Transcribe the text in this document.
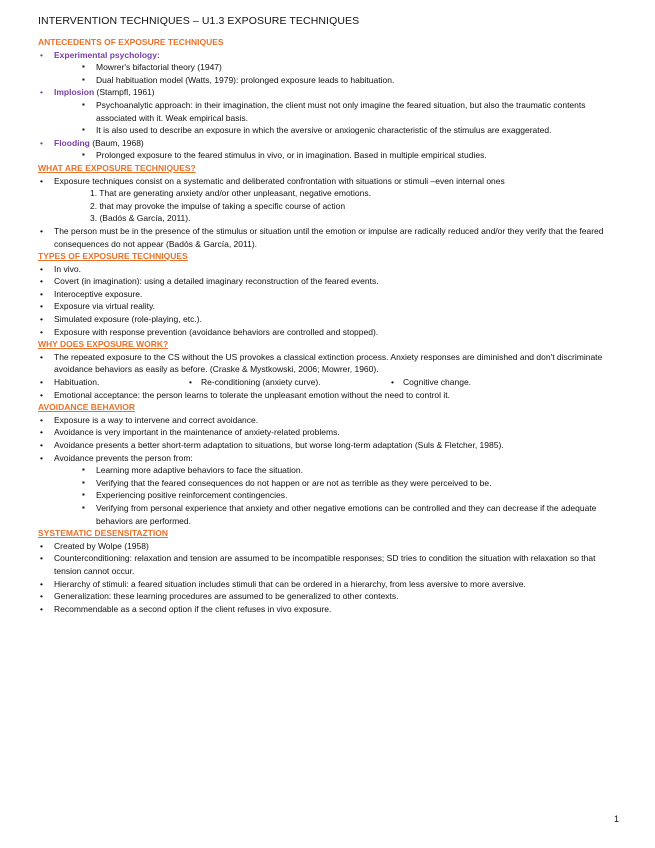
INTERVENTION TECHNIQUES – U1.3 EXPOSURE TECHNIQUES
ANTECEDENTS OF EXPOSURE TECHNIQUES
• Experimental psychology:
▪ Mowrer's bifactorial theory (1947)
▪ Dual habituation model (Watts, 1979): prolonged exposure leads to habituation.
• Implosion (Stampfl, 1961)
▪ Psychoanalytic approach: in their imagination, the client must not only imagine the feared situation, but also the traumatic contents associated with it. Weak empirical basis.
▪ It is also used to describe an exposure in which the aversive or anxiogenic characteristic of the stimulus are exaggerated.
• Flooding (Baum, 1968)
▪ Prolonged exposure to the feared stimulus in vivo, or in imagination. Based in multiple empirical studies.
WHAT ARE EXPOSURE TECHNIQUES?
• Exposure techniques consist on a systematic and deliberated confrontation with situations or stimuli –even internal ones
1. That are generating anxiety and/or other unpleasant, negative emotions.
2. that may provoke the impulse of taking a specific course of action
3. (Badós & García, 2011).
• The person must be in the presence of the stimulus or situation until the emotion or impulse are radically reduced and/or they verify that the feared consequences do not appear (Badós & García, 2011).
TYPES OF EXPOSURE TECHNIQUES
• In vivo.
• Covert (in imagination): using a detailed imaginary reconstruction of the feared events.
• Interoceptive exposure.
• Exposure via virtual reality.
• Simulated exposure (role-playing, etc.).
• Exposure with response prevention (avoidance behaviors are controlled and stopped).
WHY DOES EXPOSURE WORK?
• The repeated exposure to the CS without the US provokes a classical extinction process. Anxiety responses are diminished and don't discriminate avoidance behaviors as easily as before. (Craske & Mystkowski, 2006; Mowrer, 1960).
• Habituation.	• Re-conditioning (anxiety curve).	• Cognitive change.
• Emotional acceptance: the person learns to tolerate the unpleasant emotion without the need to control it.
AVOIDANCE BEHAVIOR
• Exposure is a way to intervene and correct avoidance.
• Avoidance is very important in the maintenance of anxiety-related problems.
• Avoidance presents a better short-term adaptation to situations, but worse long-term adaptation (Suls & Fletcher, 1985).
• Avoidance prevents the person from:
▪ Learning more adaptive behaviors to face the situation.
▪ Verifying that the feared consequences do not happen or are not as terrible as they were perceived to be.
▪ Experiencing positive reinforcement contingencies.
▪ Verifying from personal experience that anxiety and other negative emotions can be controlled and they can decrease if the adequate behaviors are performed.
SYSTEMATIC DESENSITAZTION
• Created by Wolpe (1958)
• Counterconditioning: relaxation and tension are assumed to be incompatible responses; SD tries to condition the situation with relaxation so that tension cannot occur.
• Hierarchy of stimuli: a feared situation includes stimuli that can be ordered in a hierarchy, from less aversive to more aversive.
• Generalization: these learning procedures are assumed to be generalized to other contexts.
• Recommendable as a second option if the client refuses in vivo exposure.
1
